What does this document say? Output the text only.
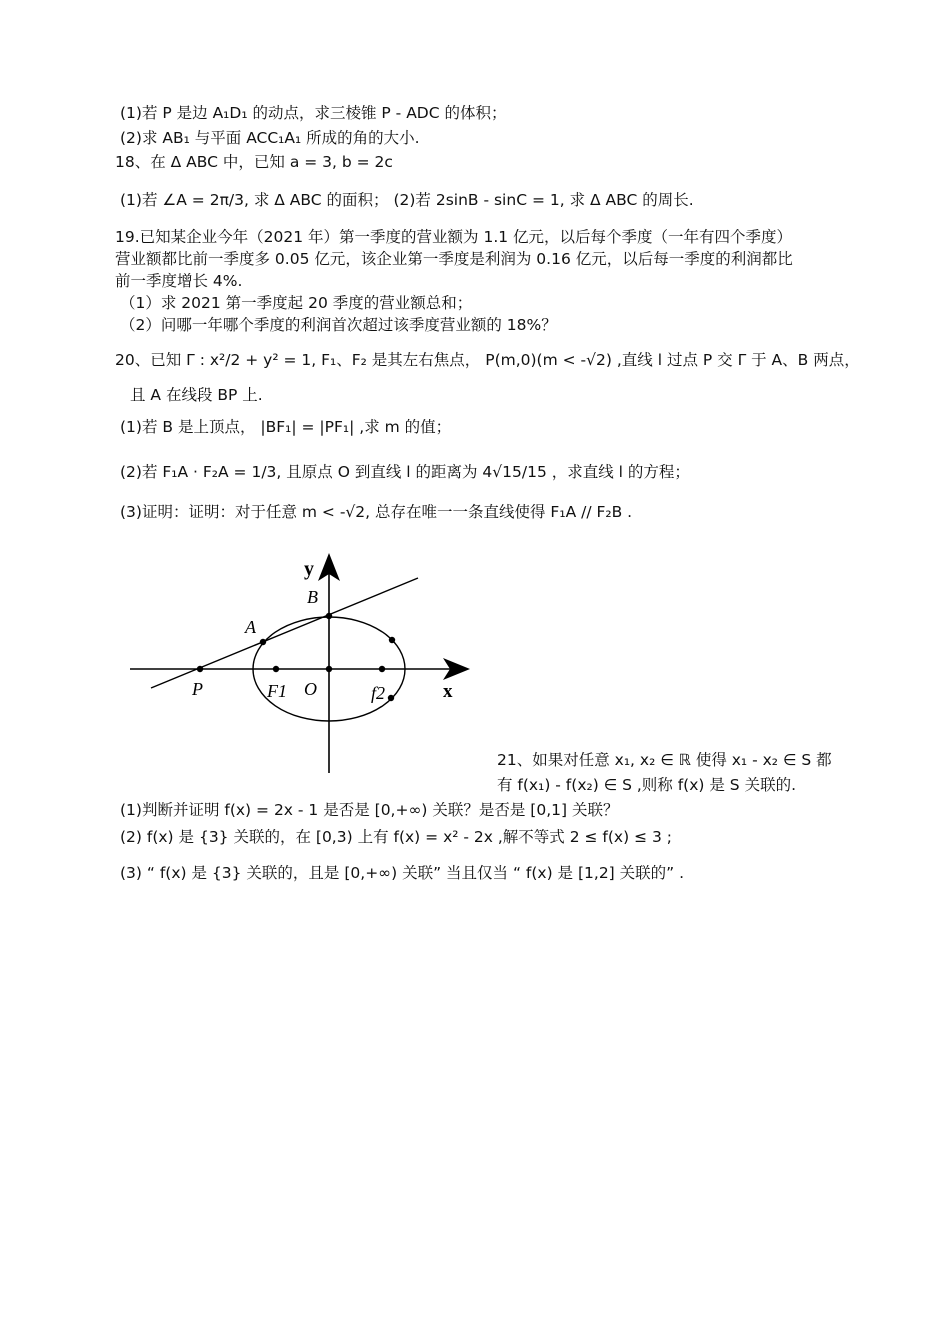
(1)若 P 是边 A₁D₁ 的动点，求三棱锥 P - ADC 的体积；
(2)求 AB₁ 与平面 ACC₁A₁ 所成的角的大小.
18、在 Δ ABC 中，已知 a = 3, b = 2c
(1)若 ∠A = 2π/3, 求 Δ ABC 的面积； (2)若 2sinB - sinC = 1, 求 Δ ABC 的周长.
19.已知某企业今年（2021 年）第一季度的营业额为 1.1 亿元，以后每个季度（一年有四个季度）
营业额都比前一季度多 0.05 亿元，该企业第一季度是利润为 0.16 亿元，以后每一季度的利润都比
前一季度增长 4%.
（1）求 2021 第一季度起 20 季度的营业额总和；
（2）问哪一年哪个季度的利润首次超过该季度营业额的 18%？
20、已知 Γ : x²/2 + y² = 1, F₁、F₂ 是其左右焦点， P(m,0)(m < -√2) ,直线 l 过点 P 交 Γ 于 A、B 两点，
且 A 在线段 BP 上.
(1)若 B 是上顶点， |BF₁| = |PF₁| ,求 m 的值；
(2)若 F₁A · F₂A = 1/3, 且原点 O 到直线 l 的距离为 4√15/15 ，求直线 l 的方程；
(3)证明：证明：对于任意 m < -√2, 总存在唯一一条直线使得 F₁A // F₂B .
y
x
B
A
P	F1 O	f2
21、如果对任意 x₁, x₂ ∈ ℝ 使得 x₁ - x₂ ∈ S 都
有 f(x₁) - f(x₂) ∈ S ,则称 f(x) 是 S 关联的.
(1)判断并证明 f(x) = 2x - 1 是否是 [0,+∞) 关联？是否是 [0,1] 关联？
(2) f(x) 是 {3} 关联的，在 [0,3) 上有 f(x) = x² - 2x ,解不等式 2 ≤ f(x) ≤ 3 ;
(3) “ f(x) 是 {3} 关联的，且是 [0,+∞) 关联” 当且仅当 “ f(x) 是 [1,2] 关联的” .
